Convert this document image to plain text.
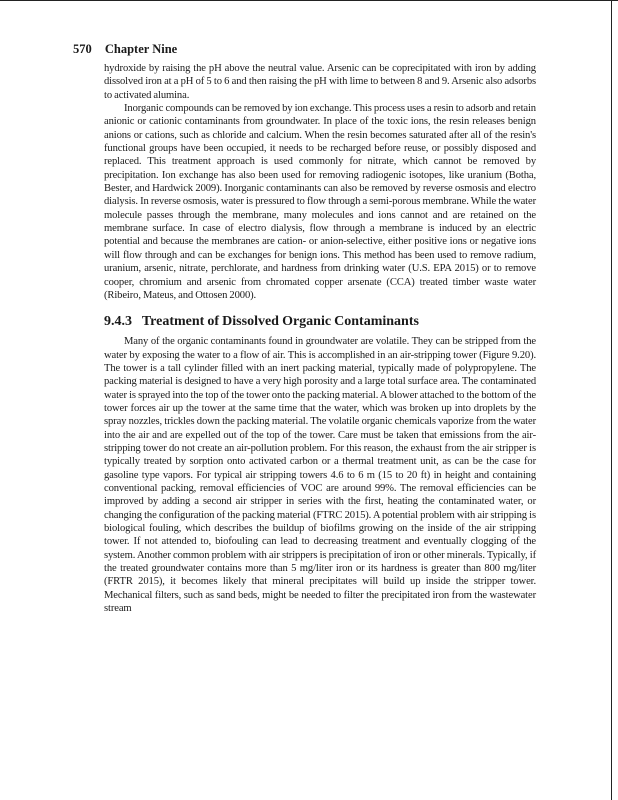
570 Chapter Nine

hydroxide by raising the pH above the neutral value. Arsenic can be coprecipitated with iron by adding dissolved iron at a pH of 5 to 6 and then raising the pH with lime to between 8 and 9. Arsenic also adsorbs to activated alumina.

Inorganic compounds can be removed by ion exchange. This process uses a resin to adsorb and retain anionic or cationic contaminants from groundwater. In place of the toxic ions, the resin releases benign anions or cations, such as chloride and calcium. When the resin becomes saturated after all of the resin's functional groups have been occupied, it needs to be recharged before reuse, or possibly disposed and replaced. This treatment approach is used commonly for nitrate, which cannot be removed by precipitation. Ion exchange has also been used for removing radiogenic isotopes, like uranium (Botha, Bester, and Hardwick 2009). Inorganic contaminants can also be removed by reverse osmosis and electro dialysis. In reverse osmosis, water is pressured to flow through a semi-porous membrane. While the water molecule passes through the membrane, many molecules and ions cannot and are retained on the membrane surface. In case of electro dialysis, flow through a membrane is induced by an electric potential and because the membranes are cation- or anion-selective, either positive ions or negative ions will flow through and can be exchanges for benign ions. This method has been used to remove radium, uranium, arsenic, nitrate, perchlorate, and hardness from drinking water (U.S. EPA 2015) or to remove cooper, chromium and arsenic from chromated copper arsenate (CCA) treated timber waste water (Ribeiro, Mateus, and Ottosen 2000).

9.4.3 Treatment of Dissolved Organic Contaminants

Many of the organic contaminants found in groundwater are volatile. They can be stripped from the water by exposing the water to a flow of air. This is accomplished in an air-stripping tower (Figure 9.20). The tower is a tall cylinder filled with an inert packing material, typically made of polypropylene. The packing material is designed to have a very high porosity and a large total surface area. The contaminated water is sprayed into the top of the tower onto the packing material. A blower attached to the bottom of the tower forces air up the tower at the same time that the water, which was broken up into droplets by the spray nozzles, trickles down the packing material. The volatile organic chemicals vaporize from the water into the air and are expelled out of the top of the tower. Care must be taken that emissions from the air-stripping tower do not create an air-pollution problem. For this reason, the exhaust from the air stripper is typically treated by sorption onto activated carbon or a thermal treatment unit, as can be the case for gasoline type vapors. For typical air stripping towers 4.6 to 6 m (15 to 20 ft) in height and containing conventional packing, removal efficiencies of VOC are around 99%. The removal efficiencies can be improved by adding a second air stripper in series with the first, heating the contaminated water, or changing the configuration of the packing material (FTRC 2015). A potential problem with air stripping is biological fouling, which describes the buildup of biofilms growing on the inside of the air stripping tower. If not attended to, biofouling can lead to decreasing treatment and eventually clogging of the system. Another common problem with air strippers is precipitation of iron or other minerals. Typically, if the treated groundwater contains more than 5 mg/liter iron or its hardness is greater than 800 mg/liter (FRTR 2015), it becomes likely that mineral precipitates will build up inside the stripper tower. Mechanical filters, such as sand beds, might be needed to filter the precipitated iron from the wastewater stream
